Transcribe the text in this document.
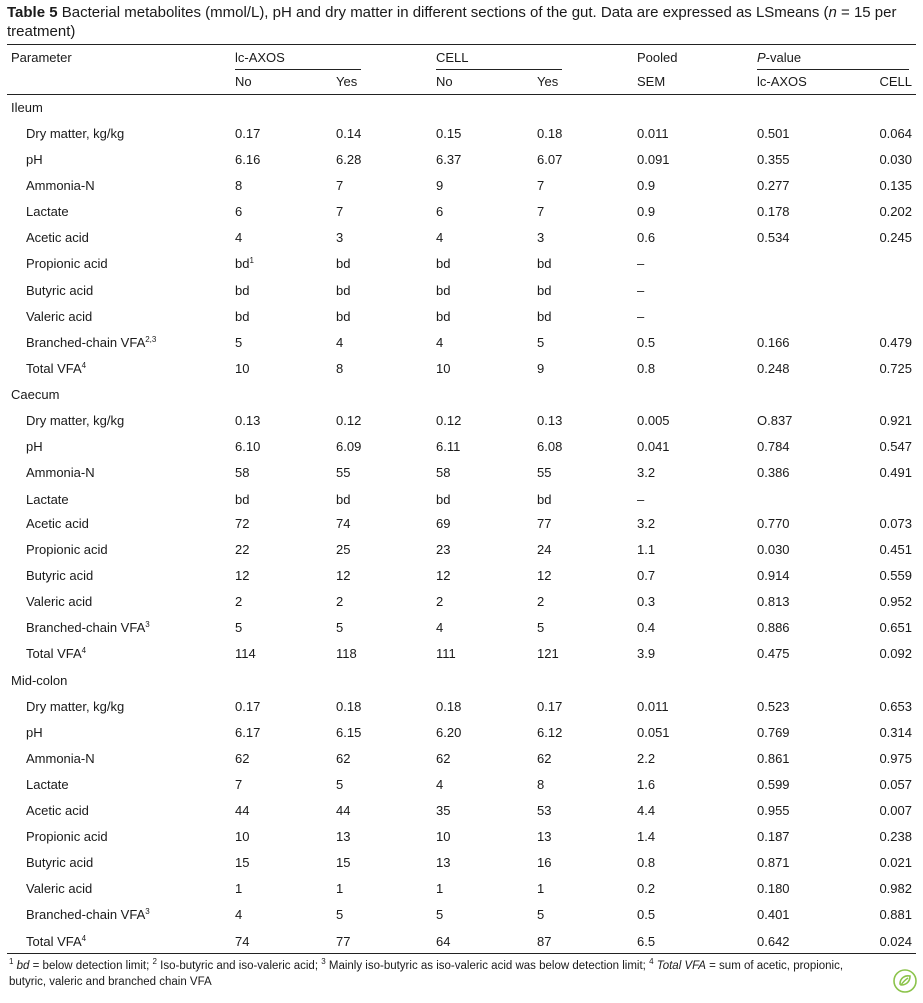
Table 5 Bacterial metabolites (mmol/L), pH and dry matter in different sections of the gut. Data are expressed as LSmeans (n = 15 per treatment)
Parameter	lc-AXOS	CELL	Pooled	P-value
No	Yes	No	Yes	SEM	lc-AXOS	CELL
Ileum
Dry matter, kg/kg	0.17	0.14	0.15	0.18	0.011	0.501	0.064
pH	6.16	6.28	6.37	6.07	0.091	0.355	0.030
Ammonia-N	8	7	9	7	0.9	0.277	0.135
Lactate	6	7	6	7	0.9	0.178	0.202
Acetic acid	4	3	4	3	0.6	0.534	0.245
Propionic acid	$bd^1$	bd	bd	bd	–
Butyric acid	bd	bd	bd	bd	–
Valeric acid	bd	bd	bd	bd	–
Branched-chain VFA$^{2,3}$	5	4	4	5	0.5	0.166	0.479
Total VFA$^4$	10	8	10	9	0.8	0.248	0.725
Caecum
Dry matter, kg/kg	0.13	0.12	0.12	0.13	0.005	O.837	0.921
pH	6.10	6.09	6.11	6.08	0.041	0.784	0.547
Ammonia-N	58	55	58	55	3.2	0.386	0.491
Lactate	bd	bd	bd	bd	–
Acetic acid	72	74	69	77	3.2	0.770	0.073
Propionic acid	22	25	23	24	1.1	0.030	0.451
Butyric acid	12	12	12	12	0.7	0.914	0.559
Valeric acid	2	2	2	2	0.3	0.813	0.952
Branched-chain VFA$^3$	5	5	4	5	0.4	0.886	0.651
Total VFA$^4$	114	118	111	121	3.9	0.475	0.092
Mid-colon
Dry matter, kg/kg	0.17	0.18	0.18	0.17	0.011	0.523	0.653
pH	6.17	6.15	6.20	6.12	0.051	0.769	0.314
Ammonia-N	62	62	62	62	2.2	0.861	0.975
Lactate	7	5	4	8	1.6	0.599	0.057
Acetic acid	44	44	35	53	4.4	0.955	0.007
Propionic acid	10	13	10	13	1.4	0.187	0.238
Butyric acid	15	15	13	16	0.8	0.871	0.021
Valeric acid	1	1	1	1	0.2	0.180	0.982
Branched-chain VFA$^3$	4	5	5	5	0.5	0.401	0.881
Total VFA$^4$	74	77	64	87	6.5	0.642	0.024
$^1$ bd = below detection limit; $^2$ Iso-butyric and iso-valeric acid; $^3$ Mainly iso-butyric as iso-valeric acid was below detection limit; $^4$ Total VFA = sum of acetic, propionic, butyric, valeric and branched chain VFA
